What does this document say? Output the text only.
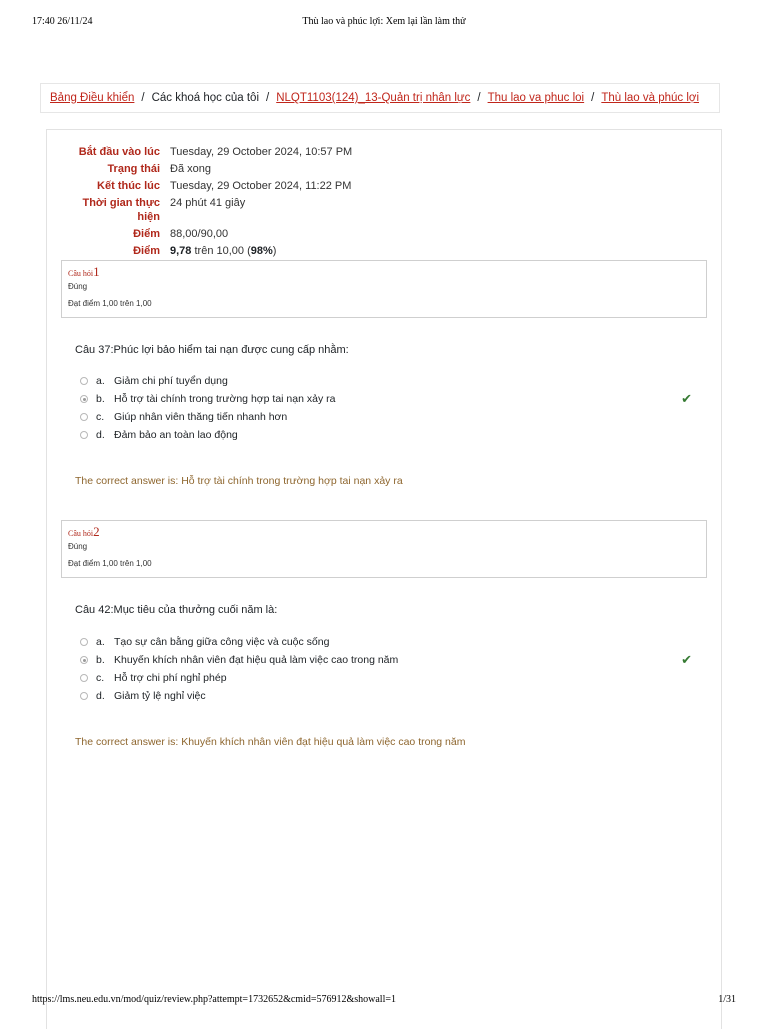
17:40 26/11/24	Thù lao và phúc lợi: Xem lại lần làm thử
Bảng Điều khiển / Các khoá học của tôi / NLQT1103(124)_13-Quản trị nhân lực / Thu lao va phuc loi / Thù lao và phúc lợi
Bắt đầu vào lúc Tuesday, 29 October 2024, 10:57 PM
Trạng thái Đã xong
Kết thúc lúc Tuesday, 29 October 2024, 11:22 PM
Thời gian thực hiện
24 phút 41 giây
Điểm 88,00/90,00
Điểm 9,78 trên 10,00 (98%)
Câu hỏi1
Đúng
Đạt điểm 1,00 trên 1,00
Câu 37:Phúc lợi bảo hiểm tai nạn được cung cấp nhằm:
a. Giảm chi phí tuyển dụng
b. Hỗ trợ tài chính trong trường hợp tai nạn xảy ra	✔
c. Giúp nhân viên thăng tiến nhanh hơn
d. Đảm bảo an toàn lao động
The correct answer is: Hỗ trợ tài chính trong trường hợp tai nạn xảy ra
Câu hỏi2
Đúng
Đạt điểm 1,00 trên 1,00
Câu 42:Mục tiêu của thưởng cuối năm là:
a. Tạo sự cân bằng giữa công việc và cuộc sống
b. Khuyến khích nhân viên đạt hiệu quả làm việc cao trong năm	✔
c. Hỗ trợ chi phí nghỉ phép
d. Giảm tỷ lệ nghỉ việc
The correct answer is: Khuyến khích nhân viên đạt hiệu quả làm việc cao trong năm
https://lms.neu.edu.vn/mod/quiz/review.php?attempt=1732652&cmid=576912&showall=1	1/31
